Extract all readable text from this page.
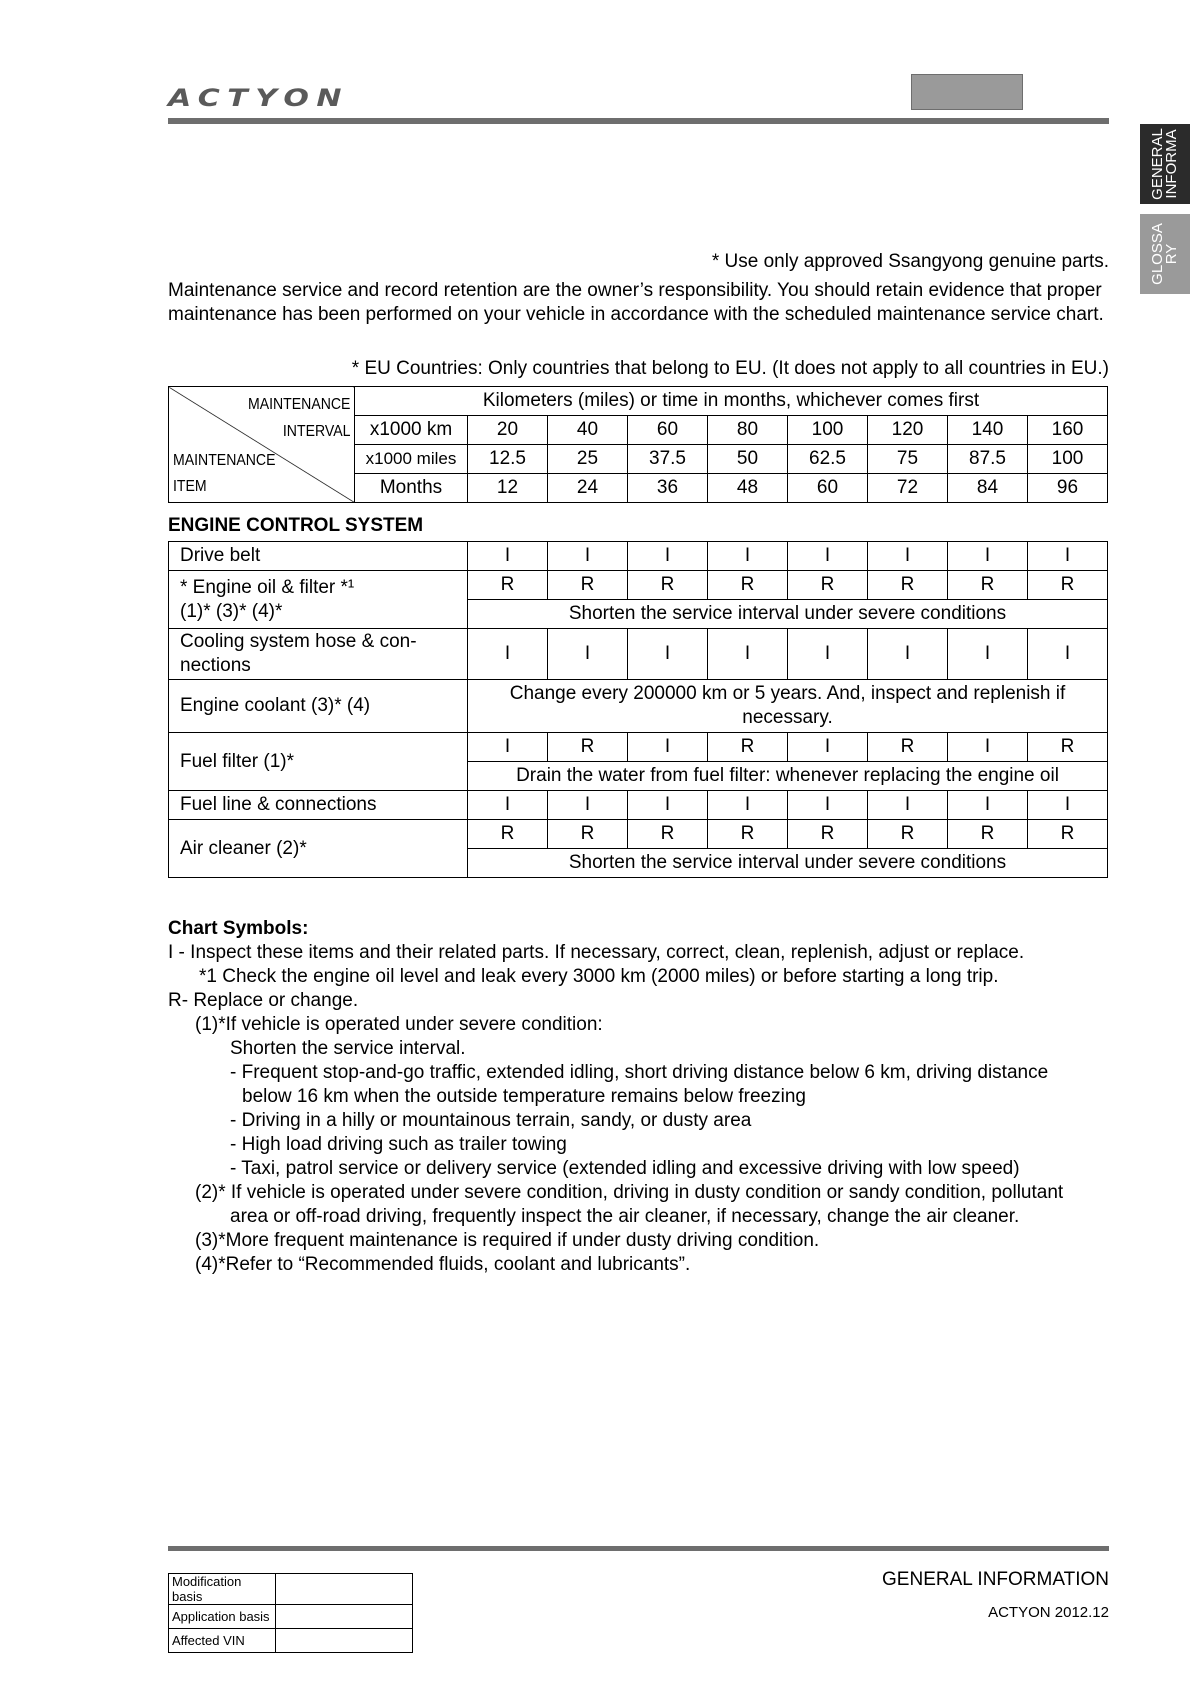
ACTYON
GENERAL
INFORMA
GLOSSA
RY
* Use only approved Ssangyong genuine parts.
Maintenance service and record retention are the owner’s responsibility. You should retain evidence that proper maintenance has been performed on your vehicle in accordance with the scheduled maintenance service chart.
* EU Countries: Only countries that belong to EU. (It does not apply to all countries in EU.)
MAINTENANCE
INTERVAL
MAINTENANCE
ITEM	Kilometers (miles) or time in months, whichever comes first								
	x1000 km	20	40	60	80	100	120	140	160
	x1000 miles	12.5	25	37.5	50	62.5	75	87.5	100
	Months	12	24	36	48	60	72	84	96
ENGINE CONTROL SYSTEM
Drive belt	I	I	I	I	I	I	I	I
* Engine oil & filter *¹
(1)* (3)* (4)*	R	R	R	R	R	R	R	R
	Shorten the service interval under severe conditions							
Cooling system hose & con-
nections	I	I	I	I	I	I	I	I
Engine coolant (3)* (4)	Change every 200000 km or 5 years. And, inspect and replenish if necessary.							
Fuel filter (1)*	I	R	I	R	I	R	I	R
	Drain the water from fuel filter: whenever replacing the engine oil							
Fuel line & connections	I	I	I	I	I	I	I	I
Air cleaner (2)*	R	R	R	R	R	R	R	R
	Shorten the service interval under severe conditions							
Chart Symbols:
I - Inspect these items and their related parts. If necessary, correct, clean, replenish, adjust or replace.
*1 Check the engine oil level and leak every 3000 km (2000 miles) or before starting a long trip.
R- Replace or change.
(1)*If vehicle is operated under severe condition:
Shorten the service interval.
- Frequent stop-and-go traffic, extended idling, short driving distance below 6 km, driving distance
below 16 km when the outside temperature remains below freezing
- Driving in a hilly or mountainous terrain, sandy, or dusty area
- High load driving such as trailer towing
- Taxi, patrol service or delivery service (extended idling and excessive driving with low speed)
(2)* If vehicle is operated under severe condition, driving in dusty condition or sandy condition, pollutant
area or off-road driving, frequently inspect the air cleaner, if necessary, change the air cleaner.
(3)*More frequent maintenance is required if under dusty driving condition.
(4)*Refer to “Recommended fluids, coolant and lubricants”.
Modification basis	
Application basis	
Affected VIN	
GENERAL INFORMATION
ACTYON 2012.12
